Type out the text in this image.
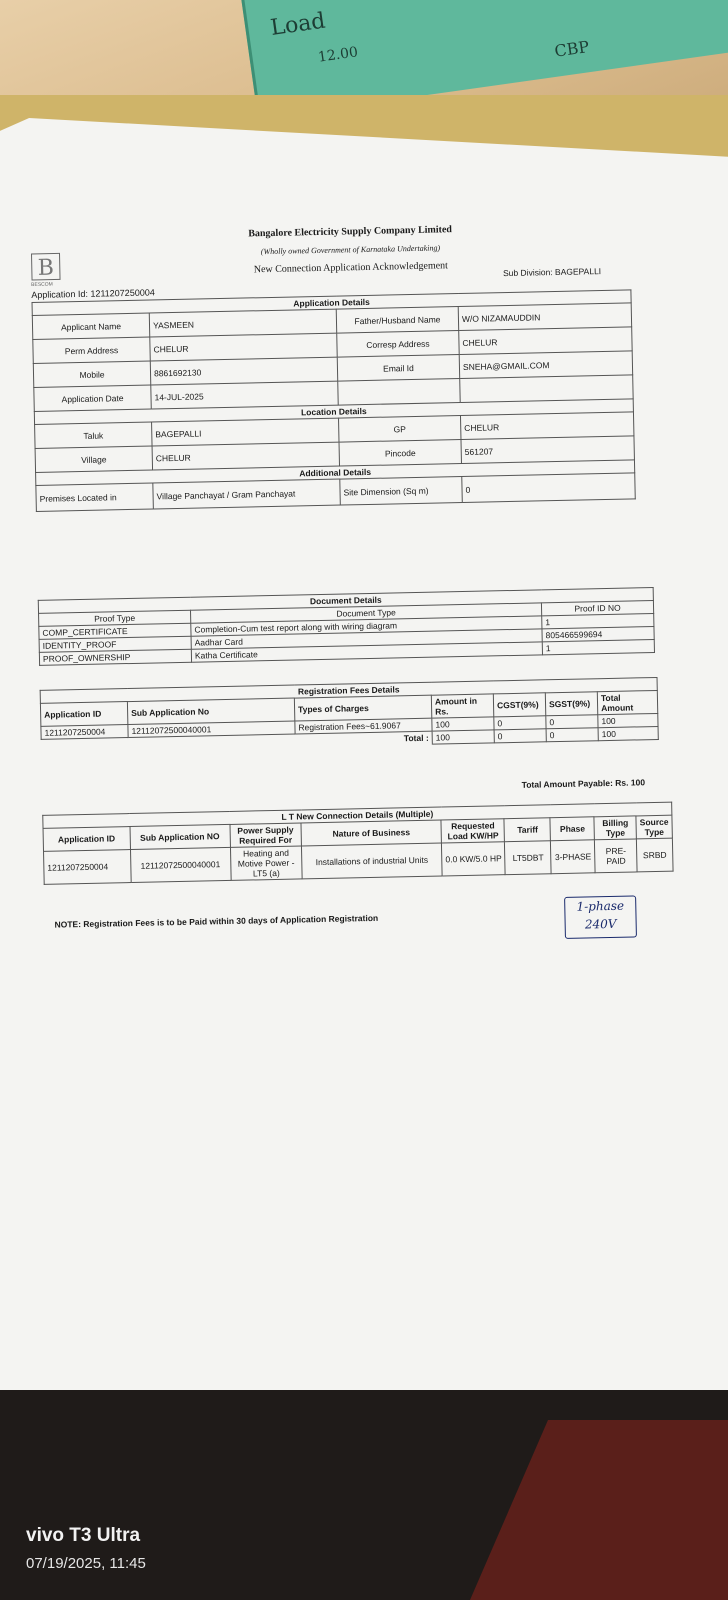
Load
12.00	CBP
vivo T3 Ultra
07/19/2025, 11:45
B
BESCOM
Bangalore Electricity Supply Company Limited
(Wholly owned Government of Karnataka Undertaking)
New Connection Application Acknowledgement
Application Id: 1211207250004
Sub Division: BAGEPALLI
Application Details			
Applicant Name	YASMEEN	Father/Husband Name	W/O NIZAMAUDDIN
Perm Address	CHELUR	Corresp Address	CHELUR
Mobile	8861692130	Email Id	SNEHA@GMAIL.COM
Application Date	14-JUL-2025		
Location Details			
Taluk	BAGEPALLI	GP	CHELUR
Village	CHELUR	Pincode	561207
Additional Details			
Premises Located in	Village Panchayat / Gram Panchayat	Site Dimension (Sq m)	0
Document Details		
Proof Type	Document Type	Proof ID NO
COMP_CERTIFICATE	Completion-Cum test report along with wiring diagram	1
IDENTITY_PROOF	Aadhar Card	805466599694
PROOF_OWNERSHIP	Katha Certificate	1
Registration Fees Details						
Application ID	Sub Application No	Types of Charges	Amount in Rs.	CGST(9%)	SGST(9%)	Total Amount
1211207250004	12112072500040001	Registration Fees~61.9067	100	0	0	100
Total :			100	0	0	100
Total Amount Payable: Rs. 100
L T New Connection Details (Multiple)								
Application ID	Sub Application NO	Power Supply Required For	Nature of Business	Requested Load KW/HP	Tariff	Phase	Billing Type	Source Type
1211207250004	12112072500040001	Heating and Motive Power - LT5 (a)	Installations of industrial Units	0.0 KW/5.0 HP	LT5DBT	3-PHASE	PRE-PAID	SRBD
NOTE: Registration Fees is to be Paid within 30 days of Application Registration
1-phase
240V
